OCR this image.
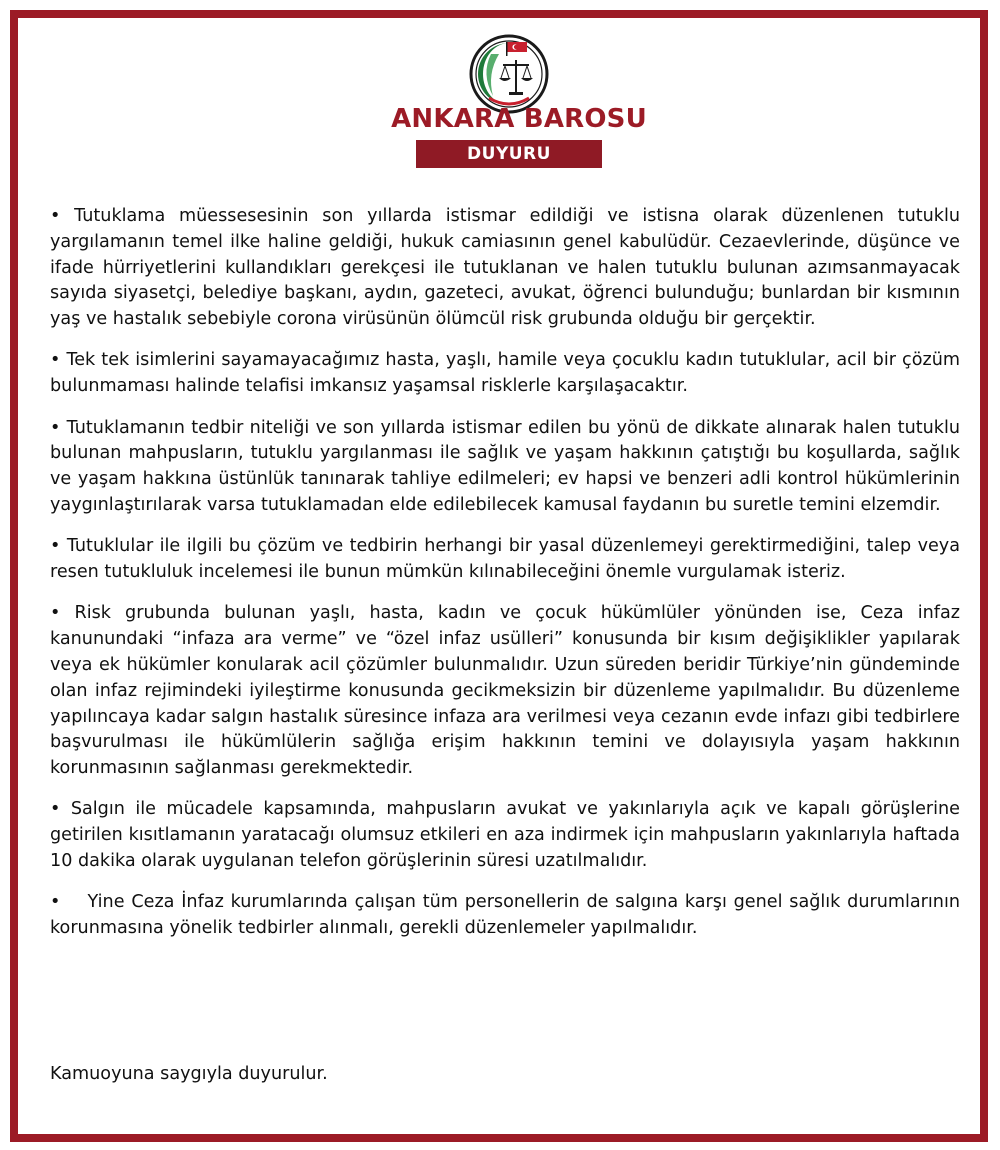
ANKARA BAROSU
DUYURU

• Tutuklama müessesesinin son yıllarda istismar edildiği ve istisna olarak düzenlenen tutuklu yargılamanın temel ilke haline geldiği, hukuk camiasının genel kabulüdür. Cezaevlerinde, düşünce ve ifade hürriyetlerini kullandıkları gerekçesi ile tutuklanan ve halen tutuklu bulunan azımsanmayacak sayıda siyasetçi, belediye başkanı, aydın, gazeteci, avukat, öğrenci bulunduğu; bunlardan bir kısmının yaş ve hastalık sebebiyle corona virüsünün ölümcül risk grubunda olduğu bir gerçektir.

• Tek tek isimlerini sayamayacağımız hasta, yaşlı, hamile veya çocuklu kadın tutuklular, acil bir çözüm bulunmaması halinde telafisi imkansız yaşamsal risklerle karşılaşacaktır.

• Tutuklamanın tedbir niteliği ve son yıllarda istismar edilen bu yönü de dikkate alınarak halen tutuklu bulunan mahpusların, tutuklu yargılanması ile sağlık ve yaşam hakkının çatıştığı bu koşullarda, sağlık ve yaşam hakkına üstünlük tanınarak tahliye edilmeleri; ev hapsi ve benzeri adli kontrol hükümlerinin yaygınlaştırılarak varsa tutuklamadan elde edilebilecek kamusal faydanın bu suretle temini elzemdir.

• Tutuklular ile ilgili bu çözüm ve tedbirin herhangi bir yasal düzenlemeyi gerektirmediğini, talep veya resen tutukluluk incelemesi ile bunun mümkün kılınabileceğini önemle vurgulamak isteriz.

• Risk grubunda bulunan yaşlı, hasta, kadın ve çocuk hükümlüler yönünden ise, Ceza infaz kanunundaki “infaza ara verme” ve “özel infaz usülleri” konusunda bir kısım değişiklikler yapılarak veya ek hükümler konularak acil çözümler bulunmalıdır. Uzun süreden beridir Türkiye’nin gündeminde olan infaz rejimindeki iyileştirme konusunda gecikmeksizin bir düzenleme yapılmalıdır. Bu düzenleme yapılıncaya kadar salgın hastalık süresince infaza ara verilmesi veya cezanın evde infazı gibi tedbirlere başvurulması ile hükümlülerin sağlığa erişim hakkının temini ve dolayısıyla yaşam hakkının korunmasının sağlanması gerekmektedir.

• Salgın ile mücadele kapsamında, mahpusların avukat ve yakınlarıyla açık ve kapalı görüşlerine getirilen kısıtlamanın yaratacağı olumsuz etkileri en aza indirmek için mahpusların yakınlarıyla haftada 10 dakika olarak uygulanan telefon görüşlerinin süresi uzatılmalıdır.

•    Yine Ceza İnfaz kurumlarında çalışan tüm personellerin de salgına karşı genel sağlık durumlarının korunmasına yönelik tedbirler alınmalı, gerekli düzenlemeler yapılmalıdır.

Kamuoyuna saygıyla duyurulur.
